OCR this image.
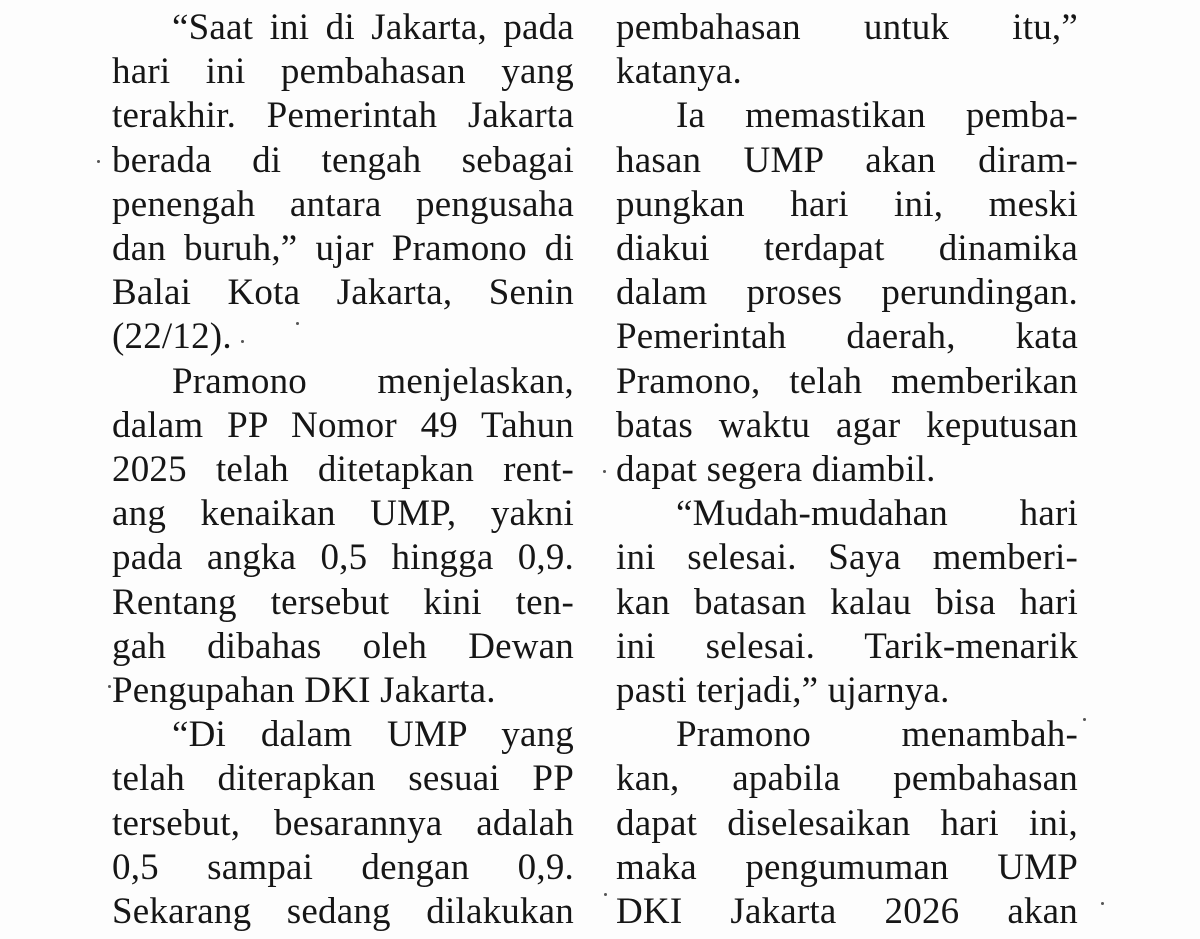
“Saat ini di Jakarta, pada

hari ini pembahasan yang

terakhir. Pemerintah Jakarta

berada di tengah sebagai

penengah antara pengusaha

dan buruh,” ujar Pramono di

Balai Kota Jakarta, Senin

(22/12).

Pramono menjelaskan,

dalam PP Nomor 49 Tahun

2025 telah ditetapkan rent-

ang kenaikan UMP, yakni

pada angka 0,5 hingga 0,9.

Rentang tersebut kini ten-

gah dibahas oleh Dewan

Pengupahan DKI Jakarta.

“Di dalam UMP yang

telah diterapkan sesuai PP

tersebut, besarannya adalah

0,5 sampai dengan 0,9.

Sekarang sedang dilakukan

pembahasan untuk itu,”

katanya.

Ia memastikan pemba-

hasan UMP akan diram-

pungkan hari ini, meski

diakui terdapat dinamika

dalam proses perundingan.

Pemerintah daerah, kata

Pramono, telah memberikan

batas waktu agar keputusan

dapat segera diambil.

“Mudah-mudahan hari

ini selesai. Saya memberi-

kan batasan kalau bisa hari

ini selesai. Tarik-menarik

pasti terjadi,” ujarnya.

Pramono menambah-

kan, apabila pembahasan

dapat diselesaikan hari ini,

maka pengumuman UMP

DKI Jakarta 2026 akan
